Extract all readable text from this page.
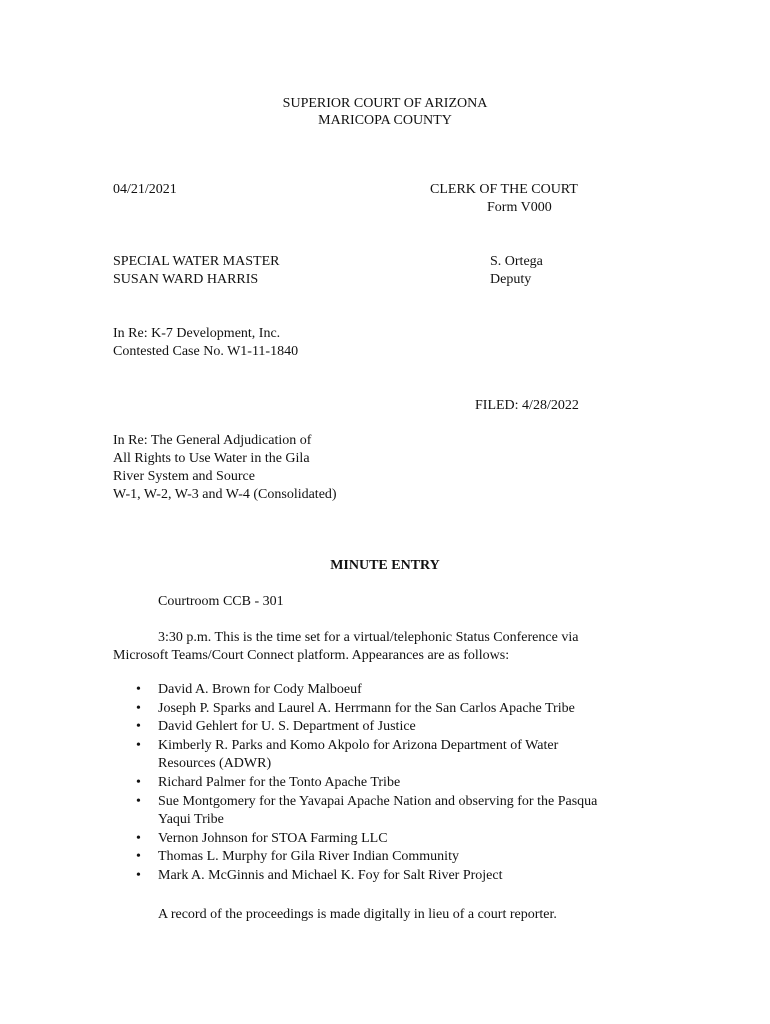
SUPERIOR COURT OF ARIZONA
MARICOPA COUNTY
04/21/2021	CLERK OF THE COURT
Form V000
SPECIAL WATER MASTER
SUSAN WARD HARRIS
S. Ortega
Deputy
In Re: K-7 Development, Inc.
Contested Case No. W1-11-1840
FILED: 4/28/2022
In Re: The General Adjudication of
All Rights to Use Water in the Gila
River System and Source
W-1, W-2, W-3 and W-4 (Consolidated)
MINUTE ENTRY
Courtroom CCB - 301
3:30 p.m. This is the time set for a virtual/telephonic Status Conference via
Microsoft Teams/Court Connect platform. Appearances are as follows:
• David A. Brown for Cody Malboeuf
• Joseph P. Sparks and Laurel A. Herrmann for the San Carlos Apache Tribe
• David Gehlert for U. S. Department of Justice
• Kimberly R. Parks and Komo Akpolo for Arizona Department of Water
Resources (ADWR)
• Richard Palmer for the Tonto Apache Tribe
• Sue Montgomery for the Yavapai Apache Nation and observing for the Pasqua
Yaqui Tribe
• Vernon Johnson for STOA Farming LLC
• Thomas L. Murphy for Gila River Indian Community
• Mark A. McGinnis and Michael K. Foy for Salt River Project
A record of the proceedings is made digitally in lieu of a court reporter.
